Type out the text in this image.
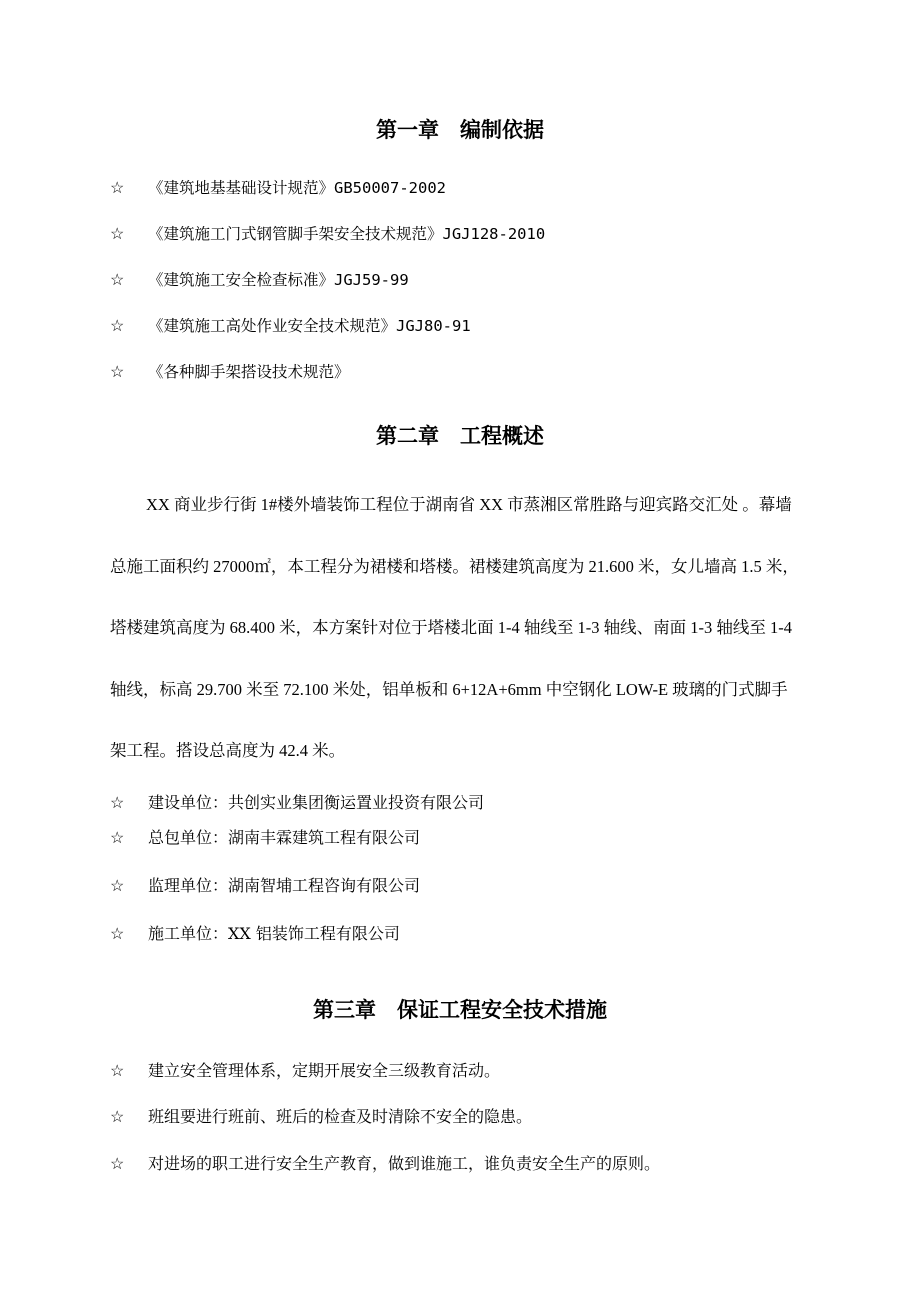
第一章　编制依据
☆ 《建筑地基基础设计规范》GB50007-2002
☆ 《建筑施工门式钢管脚手架安全技术规范》JGJ128-2010
☆ 《建筑施工安全检查标准》JGJ59-99
☆ 《建筑施工高处作业安全技术规范》JGJ80-91
☆ 《各种脚手架搭设技术规范》
第二章　工程概述
XX 商业步行街 1#楼外墙装饰工程位于湖南省 XX 市蒸湘区常胜路与迎宾路交汇处 。幕墙
总施工面积约 27000㎡，本工程分为裙楼和塔楼。裙楼建筑高度为 21.600 米，女儿墙高 1.5 米，
塔楼建筑高度为 68.400 米，本方案针对位于塔楼北面 1-4 轴线至 1-3 轴线、南面 1-3 轴线至 1-4
轴线，标高 29.700 米至 72.100 米处，铝单板和 6+12A+6mm 中空钢化 LOW-E 玻璃的门式脚手
架工程。搭设总高度为 42.4 米。
☆ 建设单位：共创实业集团衡运置业投资有限公司
☆ 总包单位：湖南丰霖建筑工程有限公司
☆ 监理单位：湖南智埔工程咨询有限公司
☆ 施工单位：XX 铝装饰工程有限公司
第三章　保证工程安全技术措施
☆ 建立安全管理体系，定期开展安全三级教育活动。
☆ 班组要进行班前、班后的检查及时清除不安全的隐患。
☆ 对进场的职工进行安全生产教育，做到谁施工，谁负责安全生产的原则。
